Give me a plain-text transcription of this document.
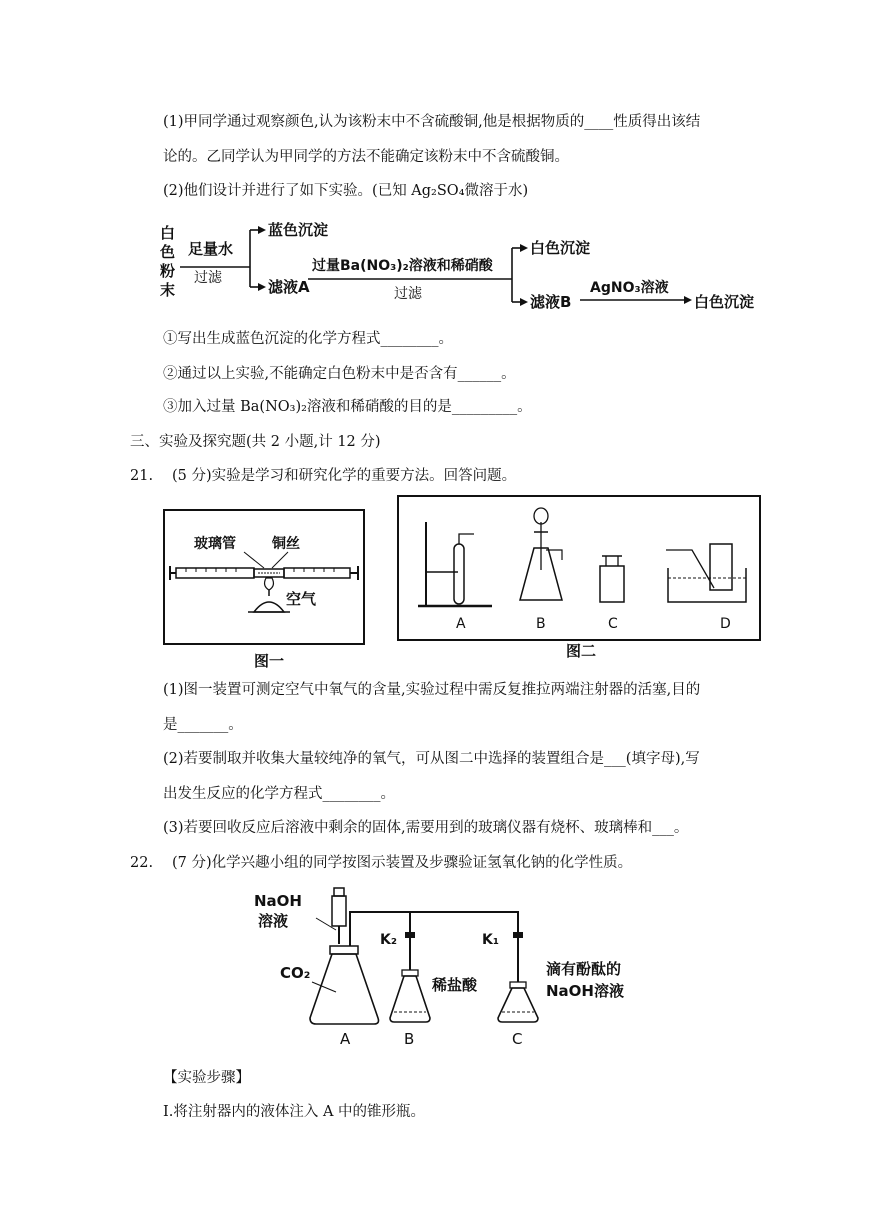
(1)甲同学通过观察颜色,认为该粉末中不含硫酸铜,他是根据物质的____性质得出该结
论的。乙同学认为甲同学的方法不能确定该粉末中不含硫酸铜。
(2)他们设计并进行了如下实验。(已知 Ag₂SO₄微溶于水)
白
色
粉
末
足量水
过滤
蓝色沉淀
滤液A
过量Ba(NO₃)₂溶液和稀硝酸
过滤
白色沉淀
滤液B
AgNO₃溶液
白色沉淀
①写出生成蓝色沉淀的化学方程式________。
②通过以上实验,不能确定白色粉末中是否含有______。
③加入过量 Ba(NO₃)₂溶液和稀硝酸的目的是_________。
三、实验及探究题(共 2 小题,计 12 分)
21. (5 分)实验是学习和研究化学的重要方法。回答问题。
玻璃管	铜丝
空气
图一
A	B	C	D
图二
(1)图一装置可测定空气中氧气的含量,实验过程中需反复推拉两端注射器的活塞,目的
是_______。
(2)若要制取并收集大量较纯净的氧气，可从图二中选择的装置组合是___(填字母),写
出发生反应的化学方程式________。
(3)若要回收反应后溶液中剩余的固体,需要用到的玻璃仪器有烧杯、玻璃棒和___。
22. (7 分)化学兴趣小组的同学按图示装置及步骤验证氢氧化钠的化学性质。
NaOH
溶液
CO₂
A
K₂	K₁
稀盐酸
B
滴有酚酞的
NaOH溶液
C
【实验步骤】
I.将注射器内的液体注入 A 中的锥形瓶。
